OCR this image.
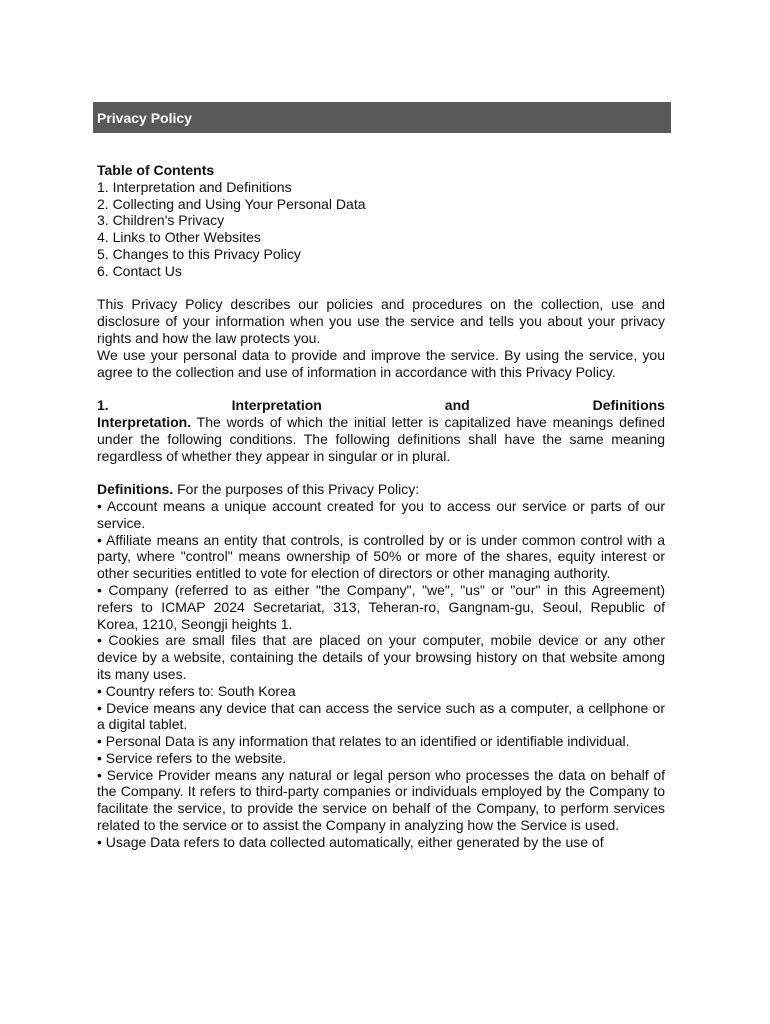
Privacy Policy
Table of Contents
1. Interpretation and Definitions
2. Collecting and Using Your Personal Data
3. Children's Privacy
4. Links to Other Websites
5. Changes to this Privacy Policy
6. Contact Us

This Privacy Policy describes our policies and procedures on the collection, use and disclosure of your information when you use the service and tells you about your privacy rights and how the law protects you.

We use your personal data to provide and improve the service. By using the service, you agree to the collection and use of information in accordance with this Privacy Policy.

1.	Interpretation	and	Definitions

Interpretation. The words of which the initial letter is capitalized have meanings defined under the following conditions. The following definitions shall have the same meaning regardless of whether they appear in singular or in plural.

Definitions. For the purposes of this Privacy Policy:

• Account means a unique account created for you to access our service or parts of our service.

• Affiliate means an entity that controls, is controlled by or is under common control with a party, where "control" means ownership of 50% or more of the shares, equity interest or other securities entitled to vote for election of directors or other managing authority.

• Company (referred to as either "the Company", "we", "us" or "our" in this Agreement) refers to ICMAP 2024 Secretariat, 313, Teheran-ro, Gangnam-gu, Seoul, Republic of Korea, 1210, Seongji heights 1.

• Cookies are small files that are placed on your computer, mobile device or any other device by a website, containing the details of your browsing history on that website among its many uses.

• Country refers to: South Korea

• Device means any device that can access the service such as a computer, a cellphone or a digital tablet.

• Personal Data is any information that relates to an identified or identifiable individual.

• Service refers to the website.

• Service Provider means any natural or legal person who processes the data on behalf of the Company. It refers to third-party companies or individuals employed by the Company to facilitate the service, to provide the service on behalf of the Company, to perform services related to the service or to assist the Company in analyzing how the Service is used.

• Usage Data refers to data collected automatically, either generated by the use of
